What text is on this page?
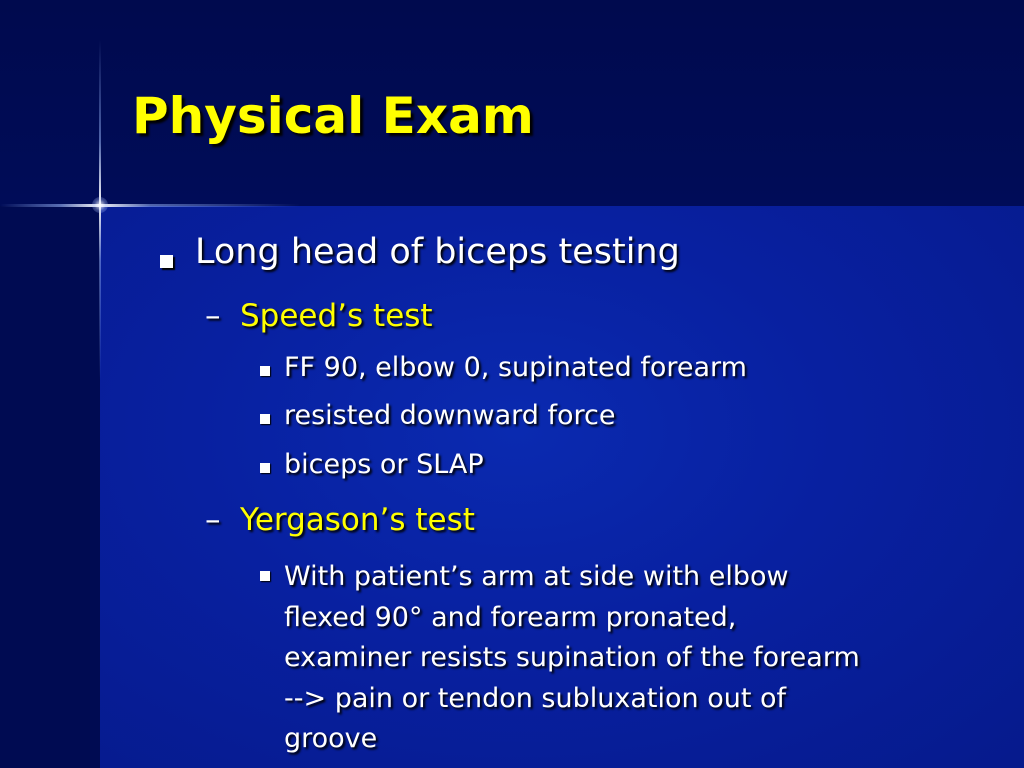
Physical Exam
Long head of biceps testing
– Speed’s test
FF 90, elbow 0, supinated forearm
resisted downward force
biceps or SLAP
– Yergason’s test

With patient’s arm at side with elbow
flexed 90° and forearm pronated,
examiner resists supination of the forearm
--> pain or tendon subluxation out of
groove
